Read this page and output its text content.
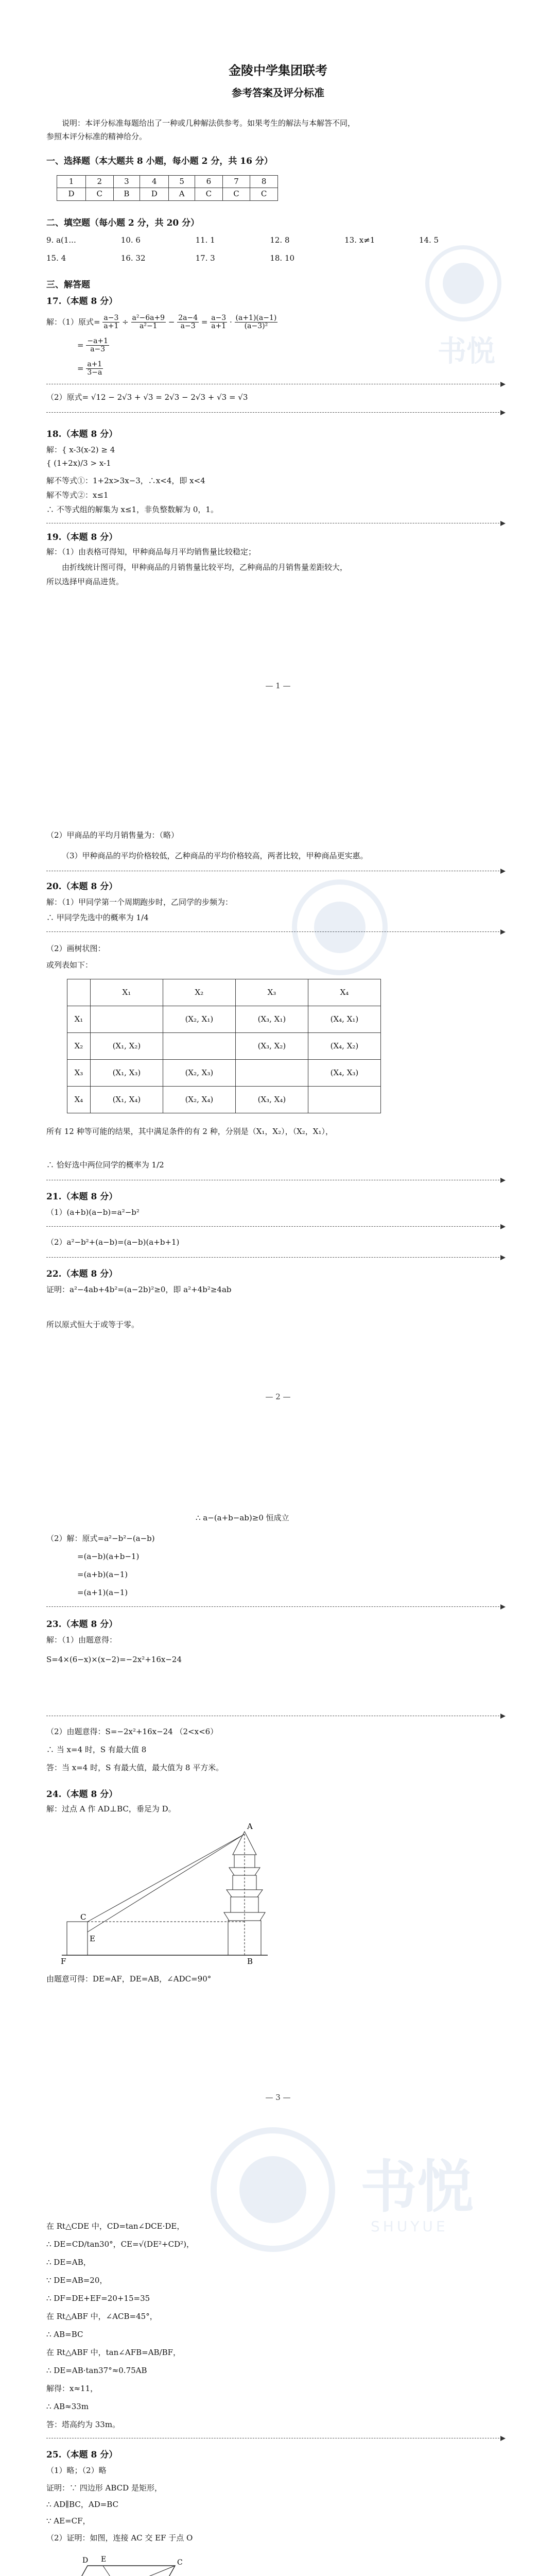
金陵中学集团联考
参考答案及评分标准
说明：本评分标准每题给出了一种或几种解法供参考。如果考生的解法与本解答不同，
参照本评分标准的精神给分。
一、选择题（本大题共 8 小题，每小题 2 分，共 16 分）
1	2	3	4	5	6	7	8
D	C	B	D	A	C	C	C
二、填空题（每小题 2 分，共 20 分）
9. a(1...	10. 6	11. 1	12. 8	13. x≠1	14. 5
15. 4	16. 32	17. 3	18. 10
三、解答题
17.（本题 8 分）
解：（1）原式= $\frac{a-3}{a+1} \div \frac{\text{a²−6a+9}}{\text{a²−1}} - \frac{2a-4}{a-3} = \frac{a-3}{a+1} \cdot \frac{(a+1)(a-1)}{\text{(a−3)²}}$
= $\frac{-a+1}{a-3}$
= $\frac{a+1}{3-a}$
（2）原式= √12 − 2√3 + √3 = 2√3 − 2√3 + √3 = √3
18.（本题 8 分）
解：{ x-3(x-2) ≥ 4
{ (1+2x)/3 > x-1
解不等式①：1+2x>3x−3，∴x<4，即 x<4
解不等式②：x≤1
∴ 不等式组的解集为 x≤1，非负整数解为 0，1。
19.（本题 8 分）
解：（1）由表格可得知，甲种商品每月平均销售量比较稳定；
由折线统计图可得，甲种商品的月销售量比较平均，乙种商品的月销售量差距较大，
所以选择甲商品进货。
— 1 —
（2）甲商品的平均月销售量为：（略）
（3）甲种商品的平均价格较低，乙种商品的平均价格较高，两者比较，甲种商品更实惠。
20.（本题 8 分）
解：（1）甲同学第一个周期跑步时，乙同学的步频为：
∴ 甲同学先选中的概率为 1/4
（2）画树状图：
或列表如下：
	X₁	X₂	X₃	X₄
X₁		(X₂, X₁)	(X₃, X₁)	(X₄, X₁)
X₂	(X₁, X₂)		(X₃, X₂)	(X₄, X₂)
X₃	(X₁, X₃)	(X₂, X₃)		(X₄, X₃)
X₄	(X₁, X₄)	(X₂, X₄)	(X₃, X₄)	
所有 12 种等可能的结果，其中满足条件的有 2 种，分别是（X₁，X₂），（X₂，X₁），
∴ 恰好选中两位同学的概率为 1/2
21.（本题 8 分）
（1）(a+b)(a−b)=a²−b²
（2）a²−b²+(a−b)=(a−b)(a+b+1)
22.（本题 8 分）
证明：a²−4ab+4b²=(a−2b)²≥0，即 a²+4b²≥4ab
所以原式恒大于或等于零。
— 2 —
∴ a−(a+b−ab)≥0 恒成立
（2）解：原式=a²−b²−(a−b)
=(a−b)(a+b−1)
=(a+b)(a−1)
=(a+1)(a−1)
23.（本题 8 分）
解：（1）由题意得：
S=4×(6−x)×(x−2)=−2x²+16x−24
（2）由题意得：S=−2x²+16x−24 （2<x<6）
∴ 当 x=4 时，S 有最大值 8
答：当 x=4 时，S 有最大值，最大值为 8 平方米。
24.（本题 8 分）
解：过点 A 作 AD⊥BC，垂足为 D。
A
B
C
E
F
由题意可得：DE=AF，DE=AB，∠ADC=90°
— 3 —
在 Rt△CDE 中，CD=tan∠DCE·DE，
∴ DE=CD/tan30°，CE=√(DE²+CD²)，
∴ DE=AB，
∵ DE=AB=20，
∴ DF=DE+EF=20+15=35
在 Rt△ABF 中，∠ACB=45°，
∴ AB=BC
在 Rt△ABF 中，tan∠AFB=AB/BF，
∴ DE=AB·tan37°≈0.75AB
解得：x≈11，
∴ AB≈33m
答：塔高约为 33m。
25.（本题 8 分）
（1）略；（2）略
证明：∵ 四边形 ABCD 是矩形，
∴ AD∥BC，AD=BC
∵ AE=CF，
（2）证明：如图，连接 AC 交 EF 于点 O
D	C
E
书悦
书悦
SHUYUE
